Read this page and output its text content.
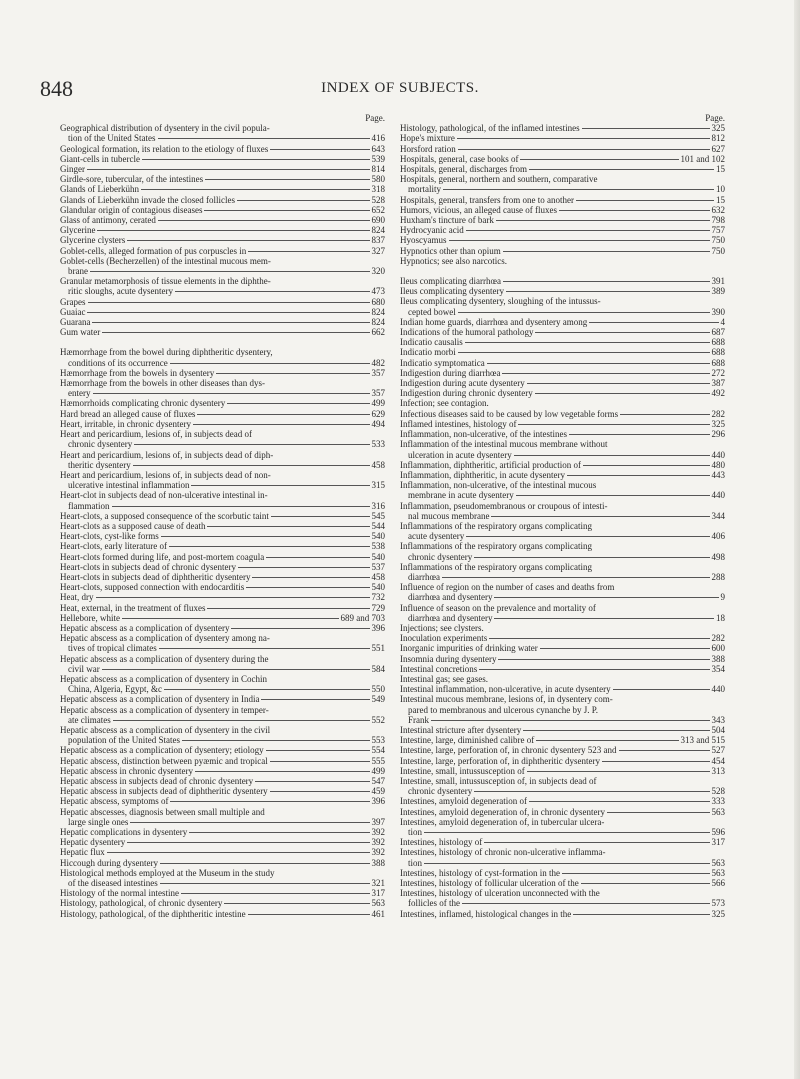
848	INDEX OF SUBJECTS.
Page.
Geographical distribution of dysentery in the civil popula-
tion of the United States	416
Geological formation, its relation to the etiology of fluxes	643
Giant-cells in tubercle	539
Ginger	814
Girdle-sore, tubercular, of the intestines	580
Glands of Lieberkühn	318
Glands of Lieberkühn invade the closed follicles	528
Glandular origin of contagious diseases	652
Glass of antimony, cerated	690
Glycerine	824
Glycerine clysters	837
Goblet-cells, alleged formation of pus corpuscles in	327
Goblet-cells (Becherzellen) of the intestinal mucous mem-
brane	320
Granular metamorphosis of tissue elements in the diphthe-
ritic sloughs, acute dysentery	473
Grapes	680
Guaiac	824
Guarana	824
Gum water	662
Hæmorrhage from the bowel during diphtheritic dysentery,
conditions of its occurrence	482
Hæmorrhage from the bowels in dysentery	357
Hæmorrhage from the bowels in other diseases than dys-
entery	357
Hæmorrhoids complicating chronic dysentery	499
Hard bread an alleged cause of fluxes	629
Heart, irritable, in chronic dysentery	494
Heart and pericardium, lesions of, in subjects dead of
chronic dysentery	533
Heart and pericardium, lesions of, in subjects dead of diph-
theritic dysentery	458
Heart and pericardium, lesions of, in subjects dead of non-
ulcerative intestinal inflammation	315
Heart-clot in subjects dead of non-ulcerative intestinal in-
flammation	316
Heart-clots, a supposed consequence of the scorbutic taint	545
Heart-clots as a supposed cause of death	544
Heart-clots, cyst-like forms	540
Heart-clots, early literature of	538
Heart-clots formed during life, and post-mortem coagula	540
Heart-clots in subjects dead of chronic dysentery	537
Heart-clots in subjects dead of diphtheritic dysentery	458
Heart-clots, supposed connection with endocarditis	540
Heat, dry	732
Heat, external, in the treatment of fluxes	729
Hellebore, white	689 and 703
Hepatic abscess as a complication of dysentery	396
Hepatic abscess as a complication of dysentery among na-
tives of tropical climates	551
Hepatic abscess as a complication of dysentery during the
civil war	584
Hepatic abscess as a complication of dysentery in Cochin
China, Algeria, Egypt, &c	550
Hepatic abscess as a complication of dysentery in India	549
Hepatic abscess as a complication of dysentery in temper-
ate climates	552
Hepatic abscess as a complication of dysentery in the civil
population of the United States	553
Hepatic abscess as a complication of dysentery; etiology	554
Hepatic abscess, distinction between pyæmic and tropical	555
Hepatic abscess in chronic dysentery	499
Hepatic abscess in subjects dead of chronic dysentery	547
Hepatic abscess in subjects dead of diphtheritic dysentery	459
Hepatic abscess, symptoms of	396
Hepatic abscesses, diagnosis between small multiple and
large single ones	397
Hepatic complications in dysentery	392
Hepatic dysentery	392
Hepatic flux	392
Hiccough during dysentery	388
Histological methods employed at the Museum in the study
of the diseased intestines	321
Histology of the normal intestine	317
Histology, pathological, of chronic dysentery	563
Histology, pathological, of the diphtheritic intestine	461
Page.
Histology, pathological, of the inflamed intestines	325
Hope's mixture	812
Horsford ration	627
Hospitals, general, case books of	101 and 102
Hospitals, general, discharges from	15
Hospitals, general, northern and southern, comparative
mortality	10
Hospitals, general, transfers from one to another	15
Humors, vicious, an alleged cause of fluxes	632
Huxham's tincture of bark	798
Hydrocyanic acid	757
Hyoscyamus	750
Hypnotics other than opium	750
Hypnotics; see also narcotics.
Ileus complicating diarrhœa	391
Ileus complicating dysentery	389
Ileus complicating dysentery, sloughing of the intussus-
cepted bowel	390
Indian home guards, diarrhœa and dysentery among	4
Indications of the humoral pathology	687
Indicatio causalis	688
Indicatio morbi	688
Indicatio symptomatica	688
Indigestion during diarrhœa	272
Indigestion during acute dysentery	387
Indigestion during chronic dysentery	492
Infection; see contagion.
Infectious diseases said to be caused by low vegetable forms	282
Inflamed intestines, histology of	325
Inflammation, non-ulcerative, of the intestines	296
Inflammation of the intestinal mucous membrane without
ulceration in acute dysentery	440
Inflammation, diphtheritic, artificial production of	480
Inflammation, diphtheritic, in acute dysentery	443
Inflammation, non-ulcerative, of the intestinal mucous
membrane in acute dysentery	440
Inflammation, pseudomembranous or croupous of intesti-
nal mucous membrane	344
Inflammations of the respiratory organs complicating
acute dysentery	406
Inflammations of the respiratory organs complicating
chronic dysentery	498
Inflammations of the respiratory organs complicating
diarrhœa	288
Influence of region on the number of cases and deaths from
diarrhœa and dysentery	9
Influence of season on the prevalence and mortality of
diarrhœa and dysentery	18
Injections; see clysters.
Inoculation experiments	282
Inorganic impurities of drinking water	600
Insomnia during dysentery	388
Intestinal concretions	354
Intestinal gas; see gases.
Intestinal inflammation, non-ulcerative, in acute dysentery	440
Intestinal mucous membrane, lesions of, in dysentery com-
pared to membranous and ulcerous cynanche by J. P.
Frank	343
Intestinal stricture after dysentery	504
Intestine, large, diminished calibre of	313 and 515
Intestine, large, perforation of, in chronic dysentery 523 and	527
Intestine, large, perforation of, in diphtheritic dysentery	454
Intestine, small, intussusception of	313
Intestine, small, intussusception of, in subjects dead of
chronic dysentery	528
Intestines, amyloid degeneration of	333
Intestines, amyloid degeneration of, in chronic dysentery	563
Intestines, amyloid degeneration of, in tubercular ulcera-
tion	596
Intestines, histology of	317
Intestines, histology of chronic non-ulcerative inflamma-
tion	563
Intestines, histology of cyst-formation in the	563
Intestines, histology of follicular ulceration of the	566
Intestines, histology of ulceration unconnected with the
follicles of the	573
Intestines, inflamed, histological changes in the	325
